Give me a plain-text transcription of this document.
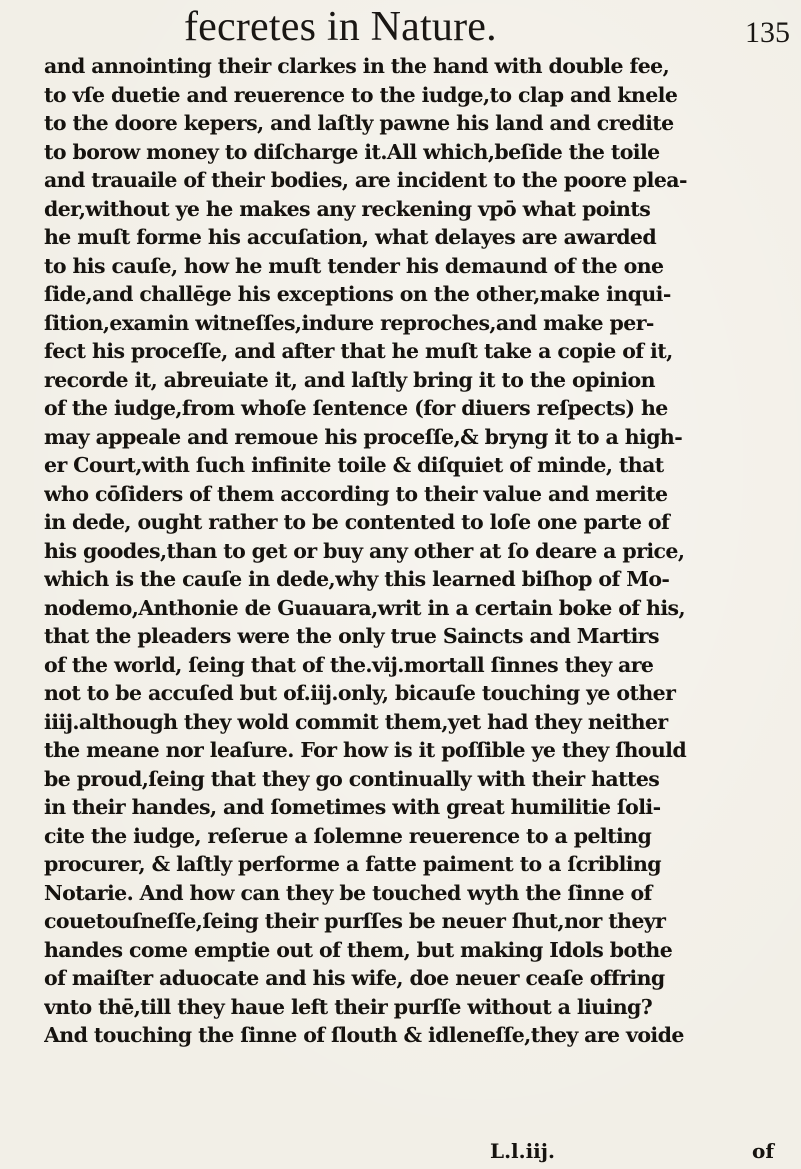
fecretes in Nature.	135
and annointing their clarkes in the hand with double fee,
to vſe duetie and reuerence to the iudge,to clap and knele
to the doore kepers, and laſtly pawne his land and credite
to borow money to diſcharge it.All which,beſide the toile
and trauaile of their bodies, are incident to the poore plea-
der,without ye he makes any reckening vpō what points
he muſt forme his accuſation, what delayes are awarded
to his cauſe, how he muſt tender his demaund of the one
ſide,and challēge his exceptions on the other,make inqui-
ſition,examin witneſſes,indure reproches,and make per-
fect his proceſſe, and after that he muſt take a copie of it,
recorde it, abreuiate it, and laſtly bring it to the opinion
of the iudge,from whoſe ſentence (for diuers reſpects) he
may appeale and remoue his proceſſe,& bryng it to a high-
er Court,with ſuch infinite toile & diſquiet of minde, that
who cōſiders of them according to their value and merite
in dede, ought rather to be contented to loſe one parte of
his goodes,than to get or buy any other at ſo deare a price,
which is the cauſe in dede,why this learned biſhop of Mo-
nodemo,Anthonie de Guauara,writ in a certain boke of his,
that the pleaders were the only true Saincts and Martirs
of the world, ſeing that of the.vij.mortall ſinnes they are
not to be accuſed but of.iij.only, bicauſe touching ye other
iiij.although they wold commit them,yet had they neither
the meane nor leaſure. For how is it poſſible ye they ſhould
be proud,ſeing that they go continually with their hattes
in their handes, and ſometimes with great humilitie ſoli-
cite the iudge, reſerue a ſolemne reuerence to a pelting
procurer, & laſtly performe a fatte paiment to a ſcribling
Notarie. And how can they be touched wyth the ſinne of
couetouſneſſe,ſeing their purſſes be neuer ſhut,nor theyr
handes come emptie out of them, but making Idols bothe
of maiſter aduocate and his wife, doe neuer ceaſe offring
vnto thē,till they haue left their purſſe without a liuing?
And touching the ſinne of ſlouth & idleneſſe,they are voide
L.l.iij.	of
